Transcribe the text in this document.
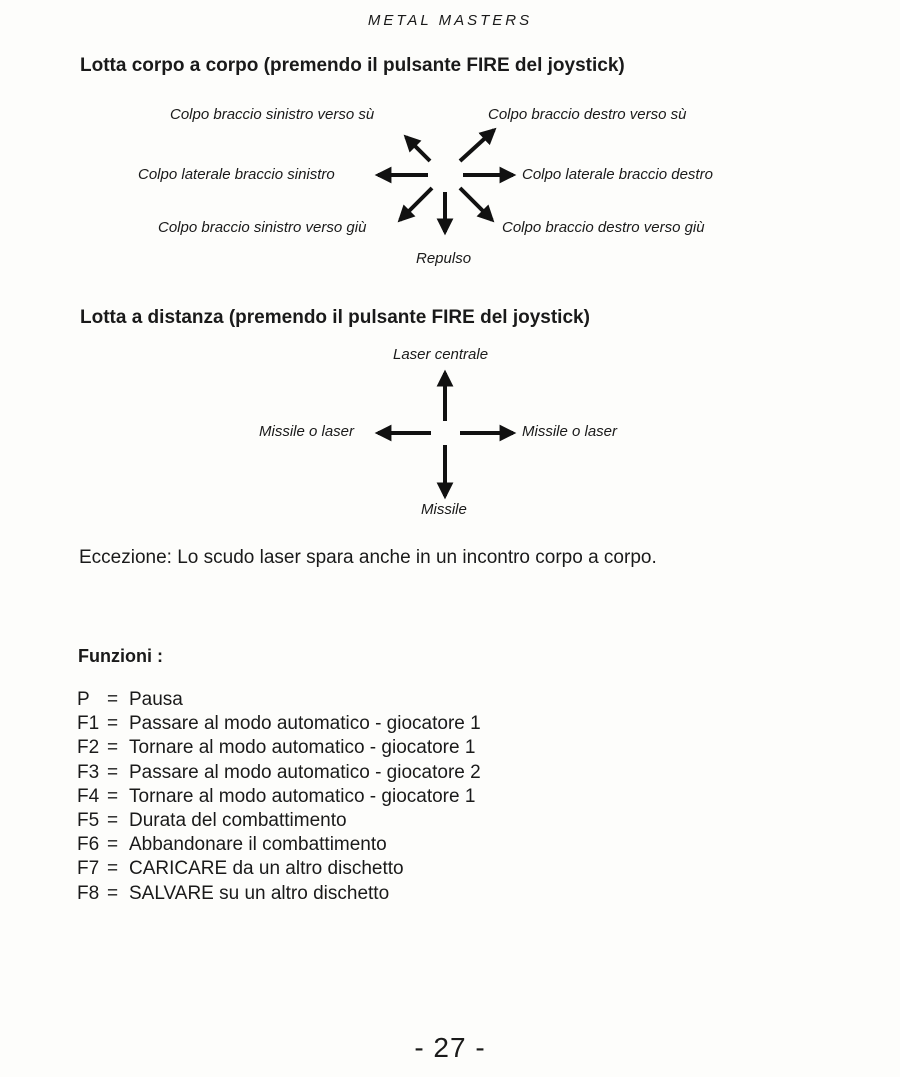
METAL MASTERS
Lotta corpo a corpo (premendo il pulsante FIRE del joystick)
Colpo braccio sinistro verso sù	Colpo braccio destro verso sù
Colpo laterale braccio sinistro	Colpo laterale braccio destro
Colpo braccio sinistro verso giù	Colpo braccio destro verso giù
Repulso
Lotta a distanza (premendo il pulsante FIRE del joystick)
Laser centrale
Missile o laser	Missile o laser
Missile
Eccezione: Lo scudo laser spara anche in un incontro corpo a corpo.
Funzioni :
P = Pausa
F1 = Passare al modo automatico - giocatore 1
F2 = Tornare al modo automatico - giocatore 1
F3 = Passare al modo automatico - giocatore 2
F4 = Tornare al modo automatico - giocatore 1
F5 = Durata del combattimento
F6 = Abbandonare il combattimento
F7 = CARICARE da un altro dischetto
F8 = SALVARE su un altro dischetto
- 27 -
